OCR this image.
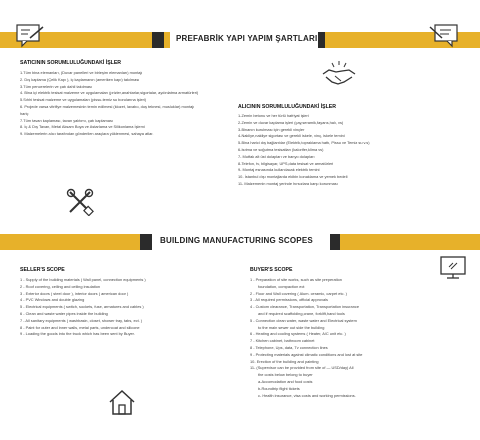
PREFABRİK YAPI YAPIM ŞARTLARI
SATICININ SORUMLULUĞUNDAKİ İŞLER
1.Tüm bina elemanları, (Duvar panelleri ve birleşim elemanları) montajı
2. Dış kaplama (Çelik Kapı ), iç kaplamanın (ameriken kapı) takılması
3.Tüm pencerelerin ve çatı dahil takılması
4. Bina içi elektrik tesisat malzeme ve uygulamaları (prizler,anahtarlar,sigortalar, aydınlatma armatürleri)
5.Sıhhi tesisat malzeme ve uygulamaları (pissu-temiz su borularına işleri)
6. Projede varsa vitrifiye malzemesinin temin edilmesi (klozet, lavabo, duş teknesi, musluklar) montajı hariç
7.Tüm tavan kaplaması, tavan yalıtımı, çatı kaplaması
8. İç & Dış Tavan, Metal Aksam Boya ve Astarlama ve Silikonlama İşlemi
9. Malzemelerin alıcı tarafından gönderilen araçlara yüklenmesi, sahaya atlar.
ALICININ SORUMLULUĞUNDAKİ İŞLER
1-Zemin betonu ve her türlü hafriyat işleri
2-Zemin ve duvar kaplama işleri (çay,seramik,fayans,halı, vs)
3-Binanın kurulması için gerekli vinçler
4-Nakliye,nakliye sigortası ve gerekli iskele, vinç, iskele temini
5-Bina harici dış bağlantılar (Elektrik,topraklama hattı, Pissu ve Temiz su v.s)
6-Isıtma ve soğutma tesisatları (kalorifer,klima vs)
7- Mutfak alt üst dolapları ve banyo dolapları
8-Telefon, tv, bilgisayar, UPS,data tesisat ve armatürleri
9- Montaj esnasında kullanılacak elektrik temini
10- İstanbul dışı montajlarda ekibin konaklama ve yemek bedeli
11- Malzemenin montaj yerinde hırsızlara karşı korunması
BUILDING MANUFACTURING SCOPES
SELLER'S SCOPE
1 - Supply of the building materials ( Wall panel, connection equipments )
2 - Roof covering, ceiling and ceiling insulation
3 - Exterior doors ( steel door ), interior doors ( american door )
4 - PVC Windows and double glazing
5 - Electrical equipments ( switch, sockets, fuse, armatures and cables )
6 - Clean and waste water pipes inside the building
7 - All sanitary equipments ( washbasin, closet, shower tray, tabs, ect. )
8 - Paint for outer and inner walls, metal parts, undercoat and silicone
9 - Loading the goods into the truck which has been sent by Buyer.
BUYER'S SCOPE
1 - Preparation of site works, such as site preperation
foundation, compaction ect
2 - Floor and Wall covering ( Alum. ceramic, carpet etc. )
3 - All required permissions, official approvals
4 - Custom clearance, Transportation, Transportation insurance
and if required scaffolding,crane, forklift,hand tools
5 - Connection clean water, waste water and Electrical system
to the main sewer out side the building
6 - Heating and cooling systems ( Heater, A/C unit etc. )
7 - Kitchen cabinet, bathroom cabinet
8 - Telephone, Ups, data, Tv connection lines
9 - Protecting materials against climatic conditions and lost at site
10- Erection of the building and painting
11- (Supervisor can be provided from site of — USD/day) All
the costs below belong to buyer
a-Accomodation and food costs
b-Roundtrip flight tickets
c- Health insurance, visa costs and working permissions.
